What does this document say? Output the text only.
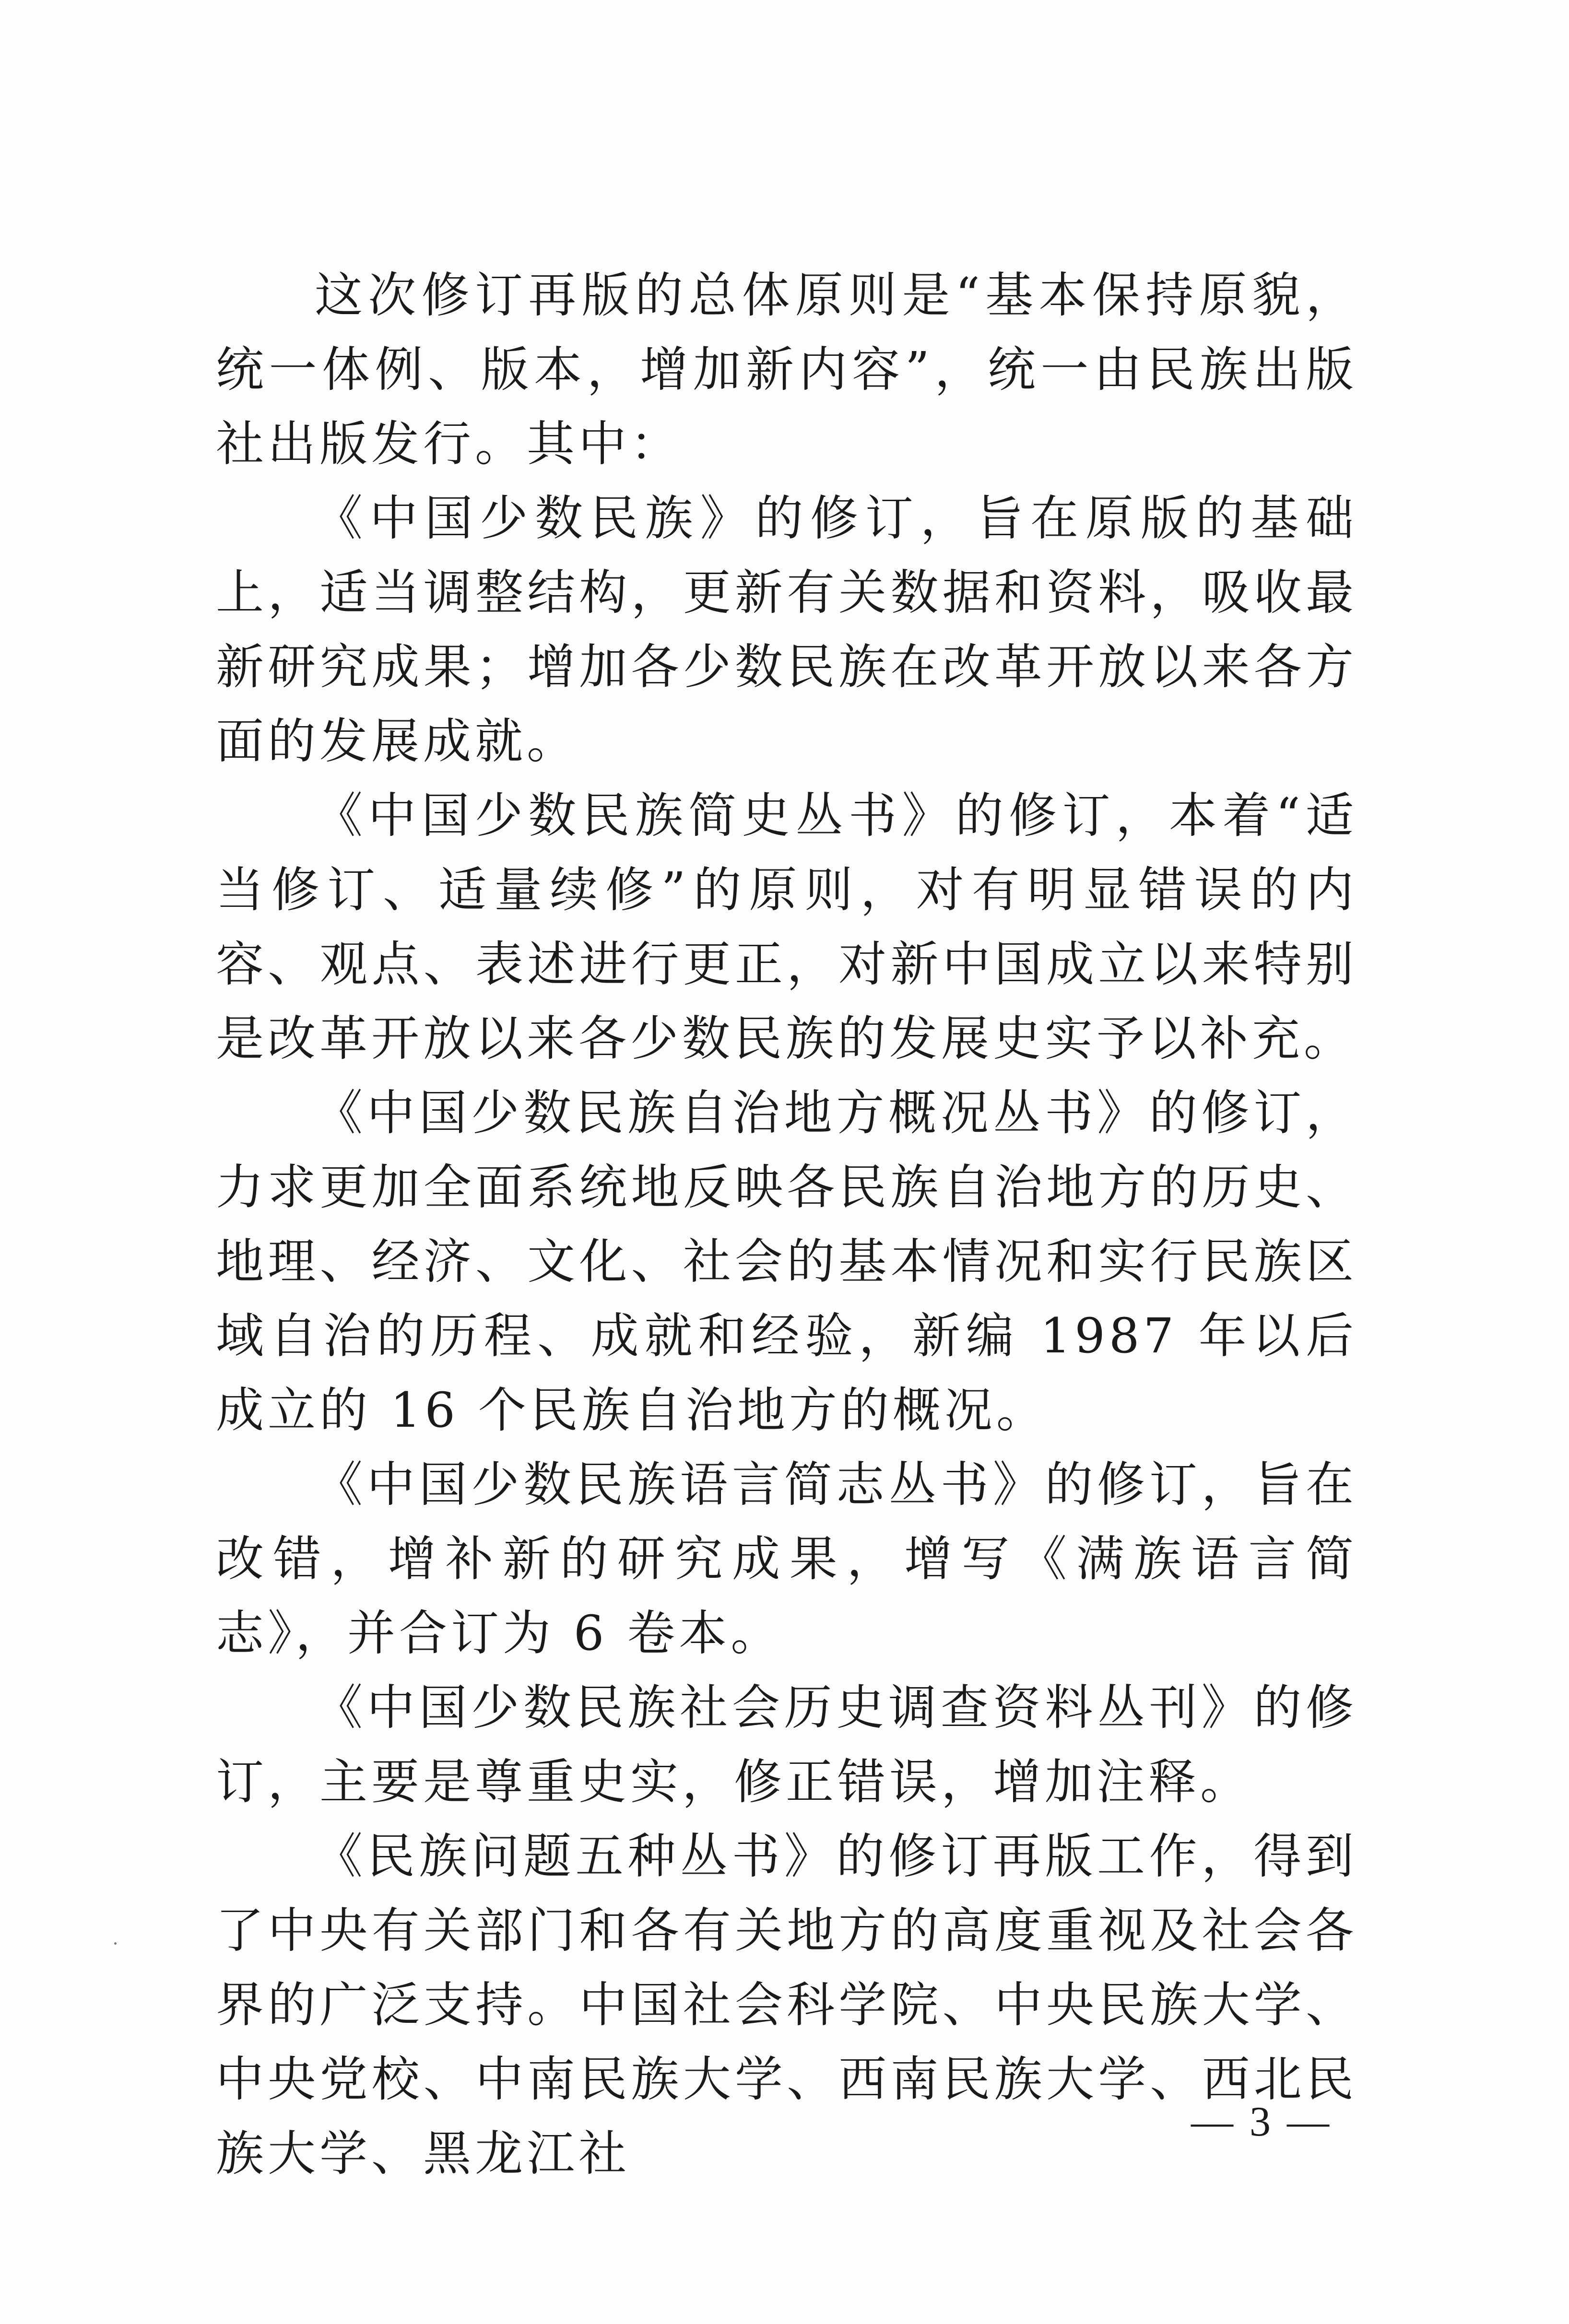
这次修订再版的总体原则是“基本保持原貌，统一体例、版本，增加新内容”，统一由民族出版社出版发行。其中：

《中国少数民族》的修订，旨在原版的基础上，适当调整结构，更新有关数据和资料，吸收最新研究成果；增加各少数民族在改革开放以来各方面的发展成就。

《中国少数民族简史丛书》的修订，本着“适当修订、适量续修”的原则，对有明显错误的内容、观点、表述进行更正，对新中国成立以来特别是改革开放以来各少数民族的发展史实予以补充。

《中国少数民族自治地方概况丛书》的修订，力求更加全面系统地反映各民族自治地方的历史、地理、经济、文化、社会的基本情况和实行民族区域自治的历程、成就和经验，新编 1987 年以后成立的 16 个民族自治地方的概况。

《中国少数民族语言简志丛书》的修订，旨在改错，增补新的研究成果，增写《满族语言简志》，并合订为 6 卷本。

《中国少数民族社会历史调查资料丛刊》的修订，主要是尊重史实，修正错误，增加注释。

《民族问题五种丛书》的修订再版工作，得到了中央有关部门和各有关地方的高度重视及社会各界的广泛支持。中国社会科学院、中央民族大学、中央党校、中南民族大学、西南民族大学、西北民族大学、黑龙江社

— 3 —
